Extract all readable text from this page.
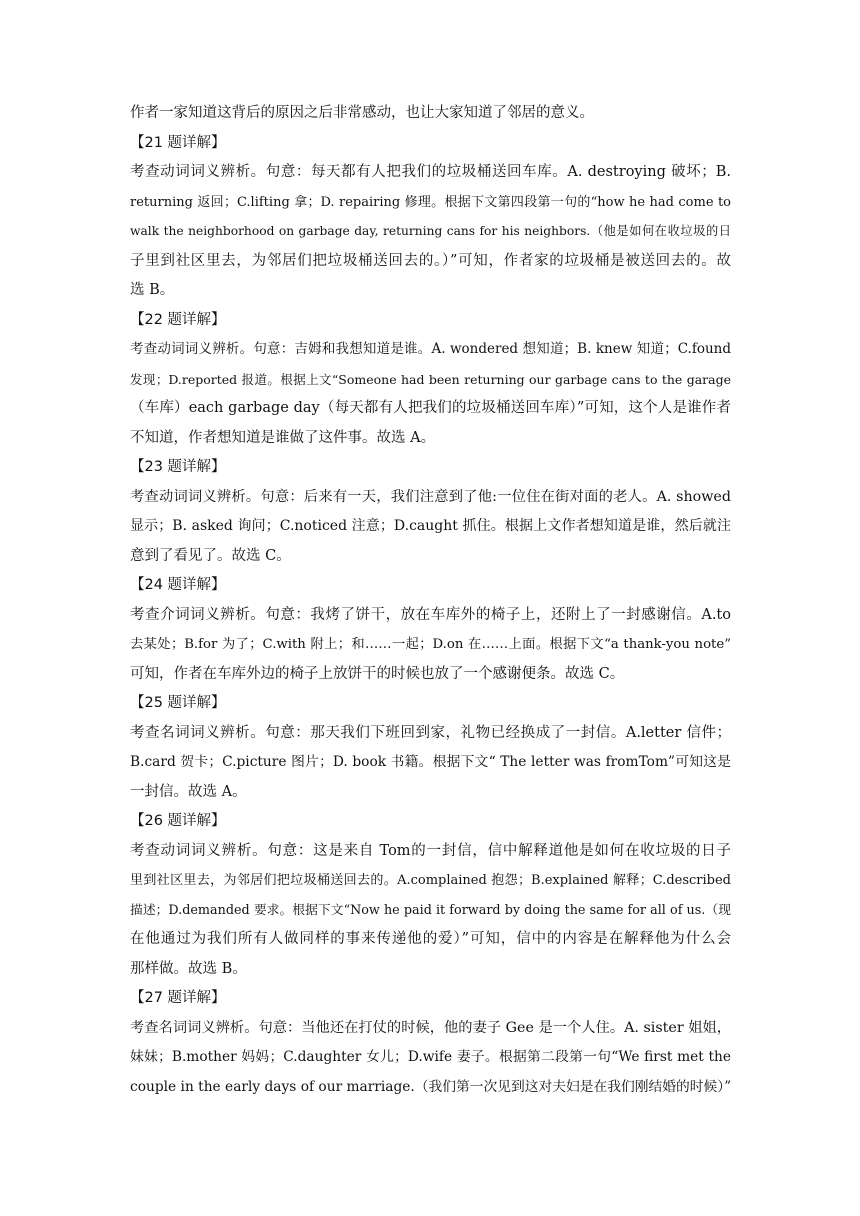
作者一家知道这背后的原因之后非常感动，也让大家知道了邻居的意义。
【21 题详解】
考查动词词义辨析。句意：每天都有人把我们的垃圾桶送回车库。A. destroying 破坏；B.
returning 返回；C.lifting 拿；D. repairing 修理。根据下文第四段第一句的“how he had come to
walk the neighborhood on garbage day, returning cans for his neighbors.（他是如何在收垃圾的日
子里到社区里去，为邻居们把垃圾桶送回去的。）”可知，作者家的垃圾桶是被送回去的。故
选 B。
【22 题详解】
考查动词词义辨析。句意：吉姆和我想知道是谁。A. wondered 想知道；B. knew 知道；C.found
发现；D.reported 报道。根据上文“Someone had been returning our garbage cans to the garage
（车库）each garbage day（每天都有人把我们的垃圾桶送回车库）”可知，这个人是谁作者
不知道，作者想知道是谁做了这件事。故选 A。
【23 题详解】
考查动词词义辨析。句意：后来有一天，我们注意到了他:一位住在街对面的老人。A. showed
显示；B. asked 询问；C.noticed 注意；D.caught 抓住。根据上文作者想知道是谁，然后就注
意到了看见了。故选 C。
【24 题详解】
考查介词词义辨析。句意：我烤了饼干，放在车库外的椅子上，还附上了一封感谢信。A.to
去某处；B.for 为了；C.with 附上；和……一起；D.on 在……上面。根据下文“a thank-you note”
可知，作者在车库外边的椅子上放饼干的时候也放了一个感谢便条。故选 C。
【25 题详解】
考查名词词义辨析。句意：那天我们下班回到家，礼物已经换成了一封信。A.letter 信件；
B.card 贺卡；C.picture 图片；D. book 书籍。根据下文“ The letter was fromTom”可知这是
一封信。故选 A。
【26 题详解】
考查动词词义辨析。句意：这是来自 Tom的一封信，信中解释道他是如何在收垃圾的日子
里到社区里去，为邻居们把垃圾桶送回去的。A.complained 抱怨；B.explained 解释；C.described
描述；D.demanded 要求。根据下文“Now he paid it forward by doing the same for all of us.（现
在他通过为我们所有人做同样的事来传递他的爱）”可知，信中的内容是在解释他为什么会
那样做。故选 B。
【27 题详解】
考查名词词义辨析。句意：当他还在打仗的时候，他的妻子 Gee 是一个人住。A. sister 姐姐，
妹妹；B.mother 妈妈；C.daughter 女儿；D.wife 妻子。根据第二段第一句“We first met the
couple in the early days of our marriage.（我们第一次见到这对夫妇是在我们刚结婚的时候）”
